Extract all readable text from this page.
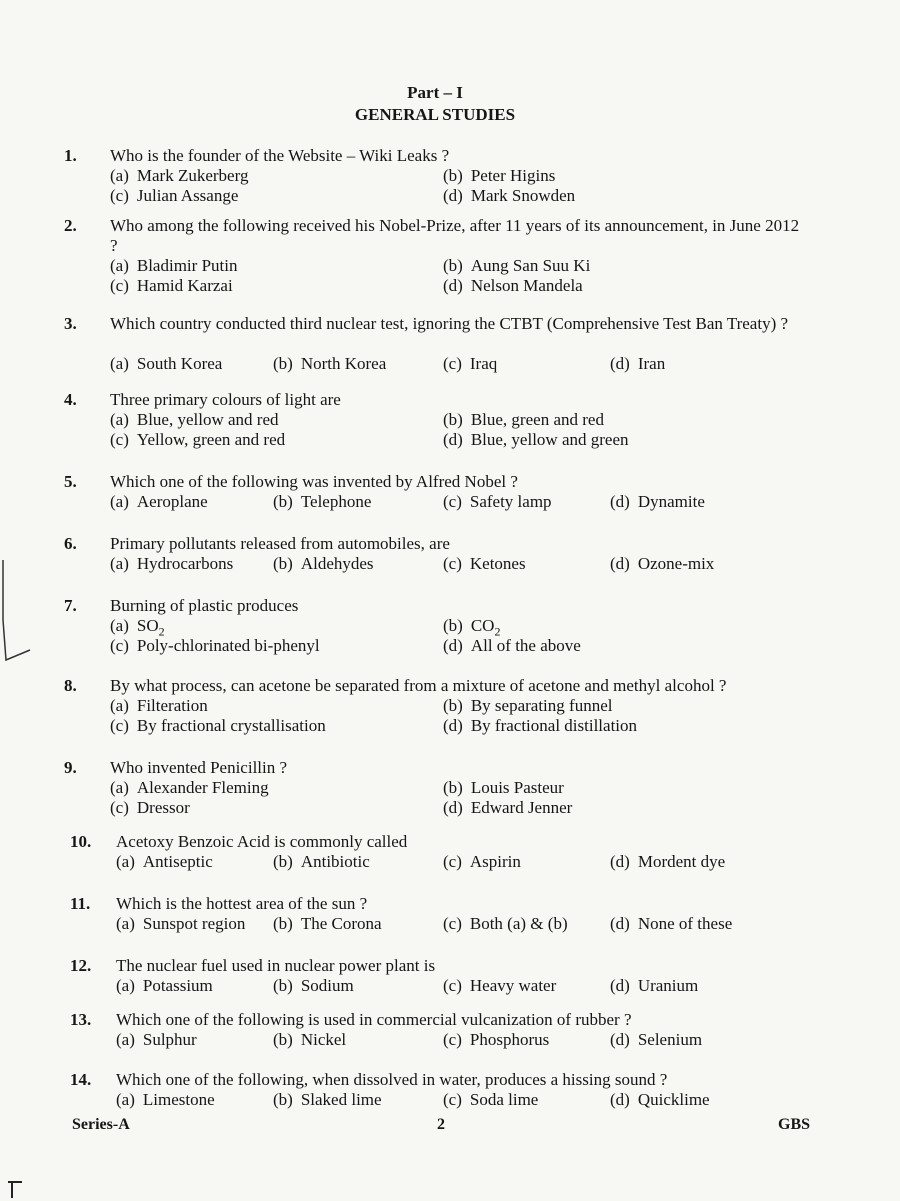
Part – I
GENERAL STUDIES
1.	Who is the founder of the Website – Wiki Leaks ?
(a) Mark Zukerberg	(b) Peter Higins
(c) Julian Assange	(d) Mark Snowden
2.	Who among the following received his Nobel-Prize, after 11 years of its announcement, in June 2012 ?
(a) Bladimir Putin	(b) Aung San Suu Ki
(c) Hamid Karzai	(d) Nelson Mandela
3.	Which country conducted third nuclear test, ignoring the CTBT (Comprehensive Test Ban Treaty) ?
(a) South Korea	(b) North Korea	(c) Iraq	(d) Iran
4.	Three primary colours of light are
(a) Blue, yellow and red	(b) Blue, green and red
(c) Yellow, green and red	(d) Blue, yellow and green
5.	Which one of the following was invented by Alfred Nobel ?
(a) Aeroplane	(b) Telephone	(c) Safety lamp	(d) Dynamite
6.	Primary pollutants released from automobiles, are
(a) Hydrocarbons (b) Aldehydes	(c) Ketones	(d) Ozone-mix
7.	Burning of plastic produces
(a) $SO_2$	(b) $CO_2$
(c) Poly-chlorinated bi-phenyl	(d) All of the above
8.	By what process, can acetone be separated from a mixture of acetone and methyl alcohol ?
(a) Filteration	(b) By separating funnel
(c) By fractional crystallisation	(d) By fractional distillation
9.	Who invented Penicillin ?
(a) Alexander Fleming	(b) Louis Pasteur
(c) Dressor	(d) Edward Jenner
10.	Acetoxy Benzoic Acid is commonly called
(a) Antiseptic	(b) Antibiotic	(c) Aspirin	(d) Mordent dye
11.	Which is the hottest area of the sun ?
(a) Sunspot region (b) The Corona	(c) Both (a) & (b) (d) None of these
12.	The nuclear fuel used in nuclear power plant is
(a) Potassium	(b) Sodium	(c) Heavy water	(d) Uranium
13.	Which one of the following is used in commercial vulcanization of rubber ?
(a) Sulphur	(b) Nickel	(c) Phosphorus	(d) Selenium
14.	Which one of the following, when dissolved in water, produces a hissing sound ?
(a) Limestone	(b) Slaked lime	(c) Soda lime	(d) Quicklime
Series-A	2	GBS
